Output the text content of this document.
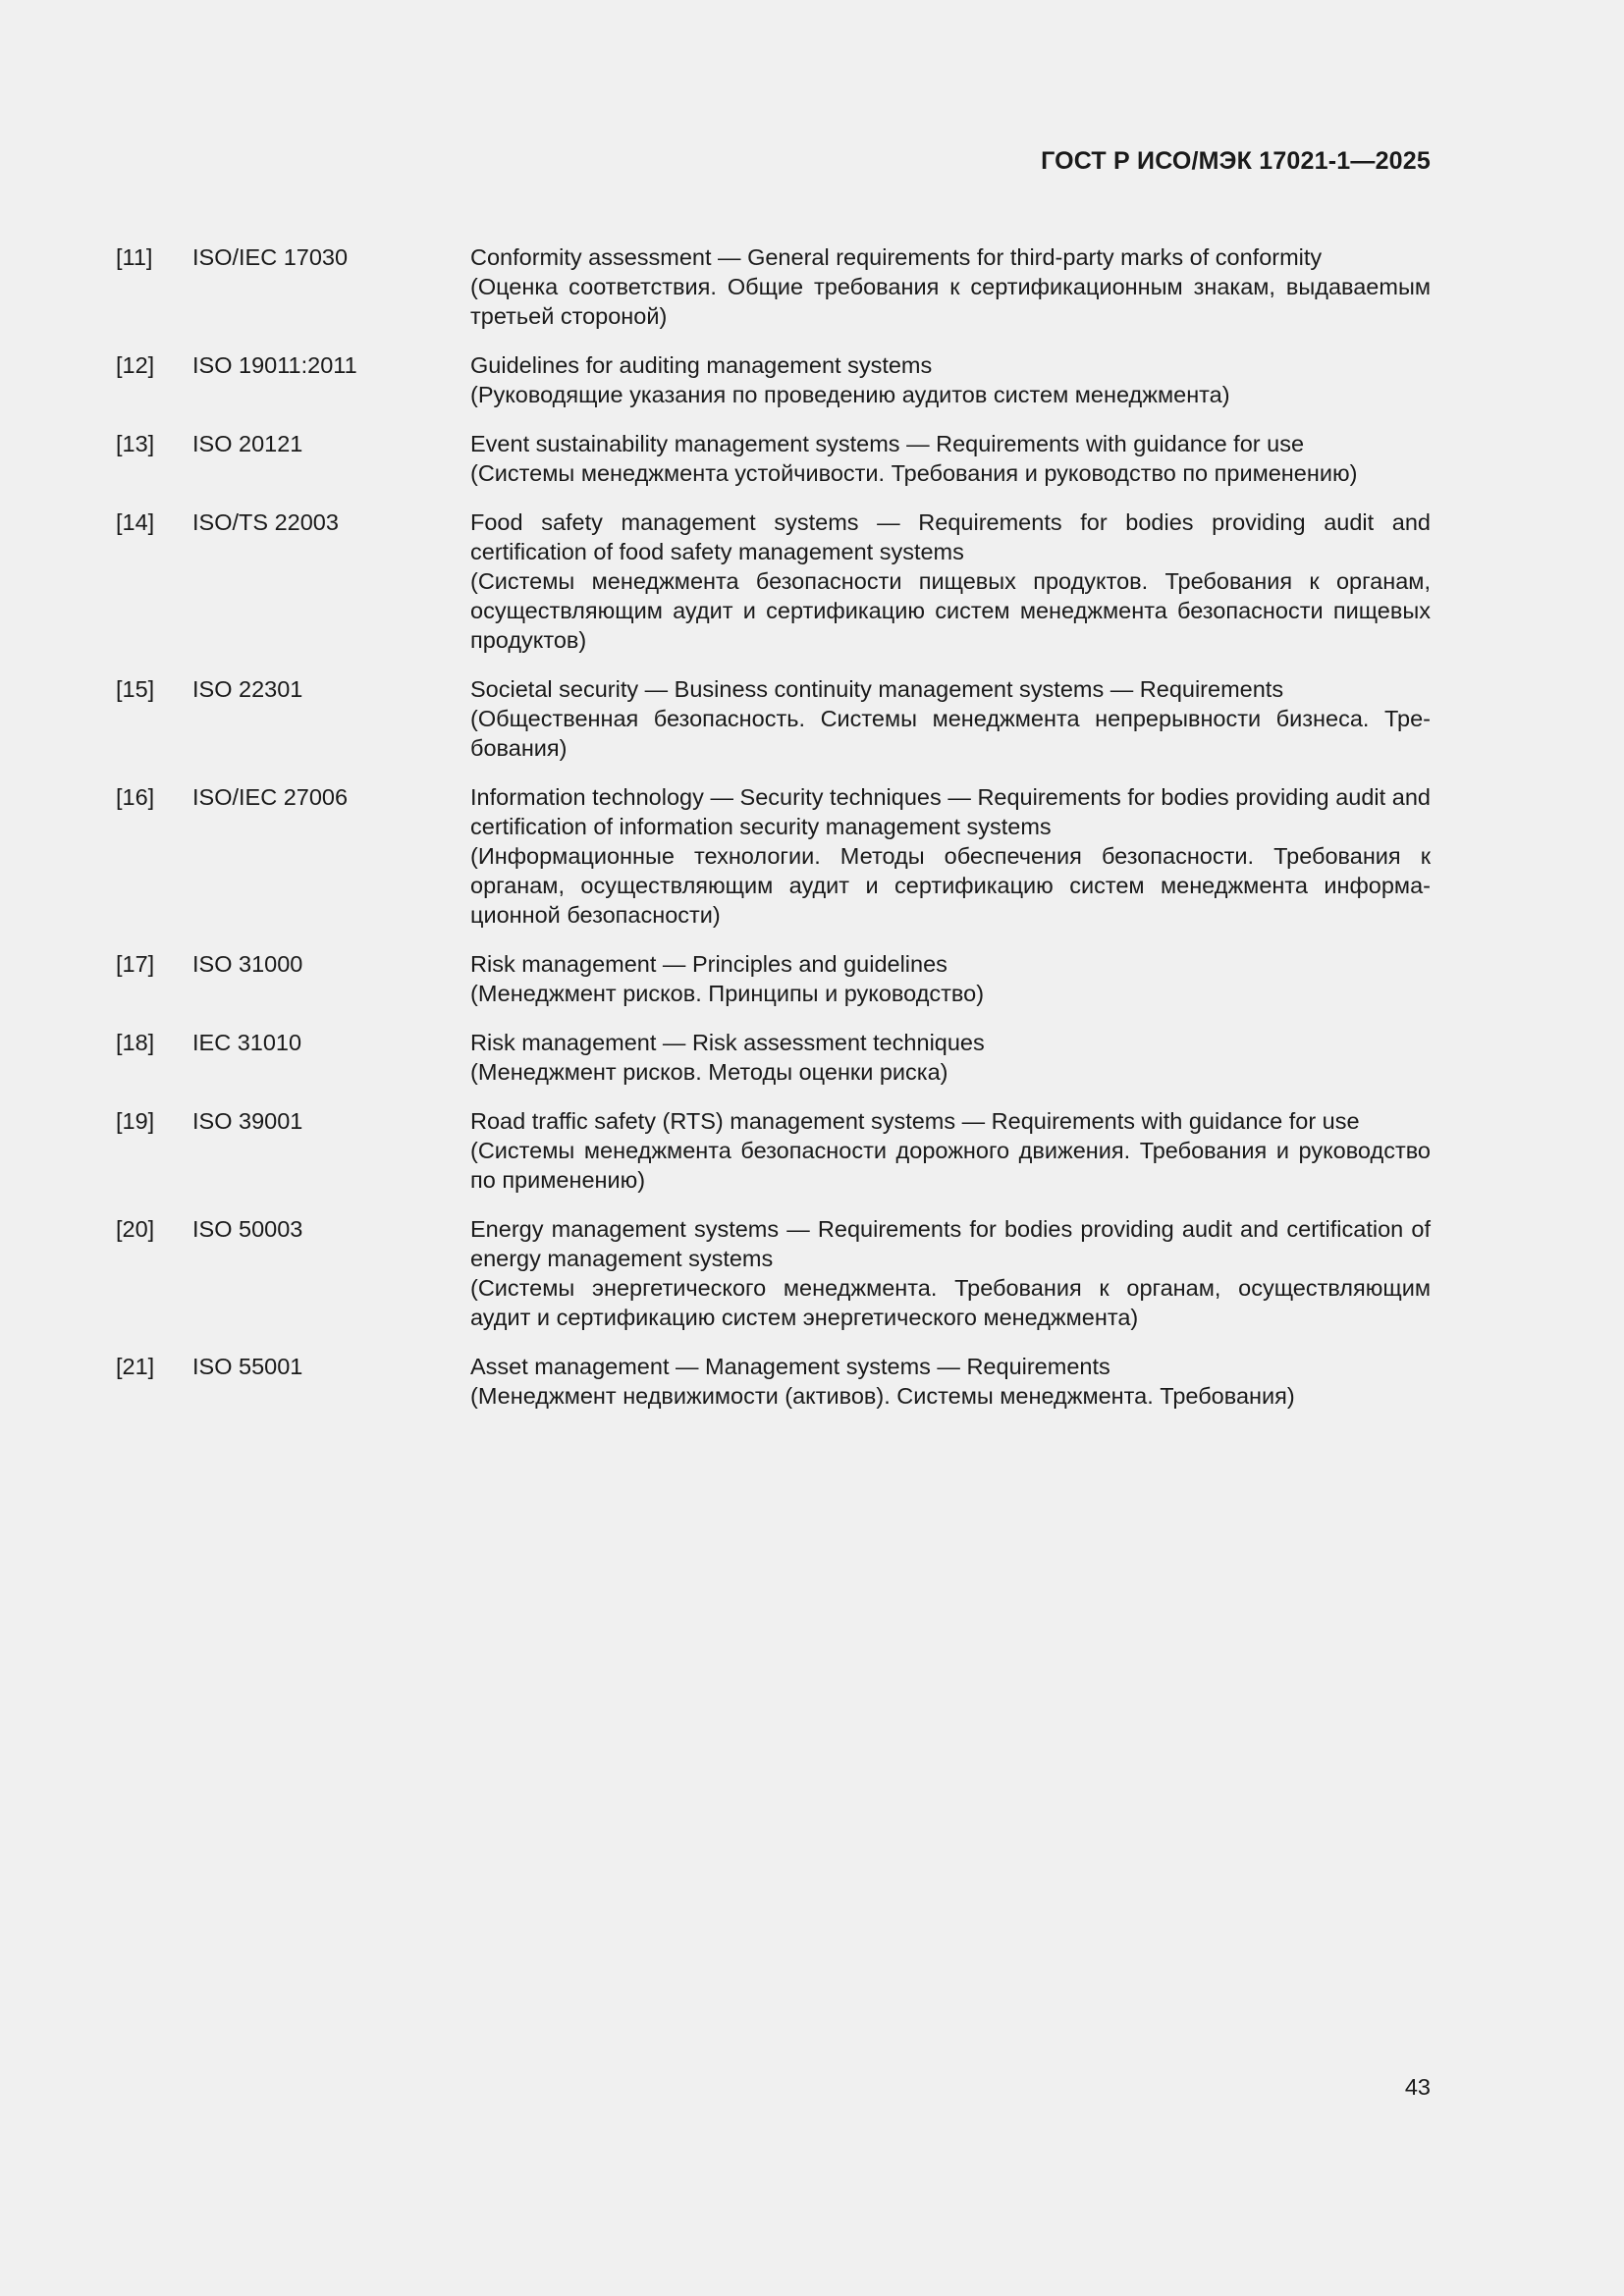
ГОСТ Р ИСО/МЭК 17021-1—2025
[11]	ISO/IEC 17030	Conformity assessment — General requirements for third-party marks of conformity

(Оценка соответствия. Общие требования к сертификационным знакам, выдаваеmым третьей стороной)

[12]	ISO 19011:2011	Guidelines for auditing management systems

(Руководящие указания по проведению аудитов систем менеджмента)

[13]	ISO 20121	Event sustainability management systems — Requirements with guidance for use

(Системы менеджмента устойчивости. Требования и руководство по применению)

[14]	ISO/TS 22003	Food safety management systems — Requirements for bodies providing audit and certification of food safety management systems

(Системы менеджмента безопасности пищевых продуктов. Требования к органам, осуществляющим аудит и сертификацию систем менеджмента безопасности пищевых продуктов)

[15]	ISO 22301	Societal security — Business continuity management systems — Requirements

(Общественная безопасность. Системы менеджмента непрерывности бизнеса. Требования)

[16]	ISO/IEC 27006	Information technology — Security techniques — Requirements for bodies providing audit and certification of information security management systems

(Информационные технологии. Методы обеспечения безопасности. Требования к органам, осуществляющим аудит и сертификацию систем менеджмента информационной безопасности)

[17]	ISO 31000	Risk management — Principles and guidelines

(Менеджмент рисков. Принципы и руководство)

[18]	IEC 31010	Risk management — Risk assessment techniques

(Менеджмент рисков. Методы оценки риска)

[19]	ISO 39001	Road traffic safety (RTS) management systems — Requirements with guidance for use

(Системы менеджмента безопасности дорожного движения. Требования и руководство по применению)

[20]	ISO 50003	Energy management systems — Requirements for bodies providing audit and certification of energy management systems

(Системы энергетического менеджмента. Требования к органам, осуществляющим аудит и сертификацию систем энергетического менеджмента)

[21]	ISO 55001	Asset management — Management systems — Requirements

(Менеджмент недвижимости (активов). Системы менеджмента. Требования)

43
